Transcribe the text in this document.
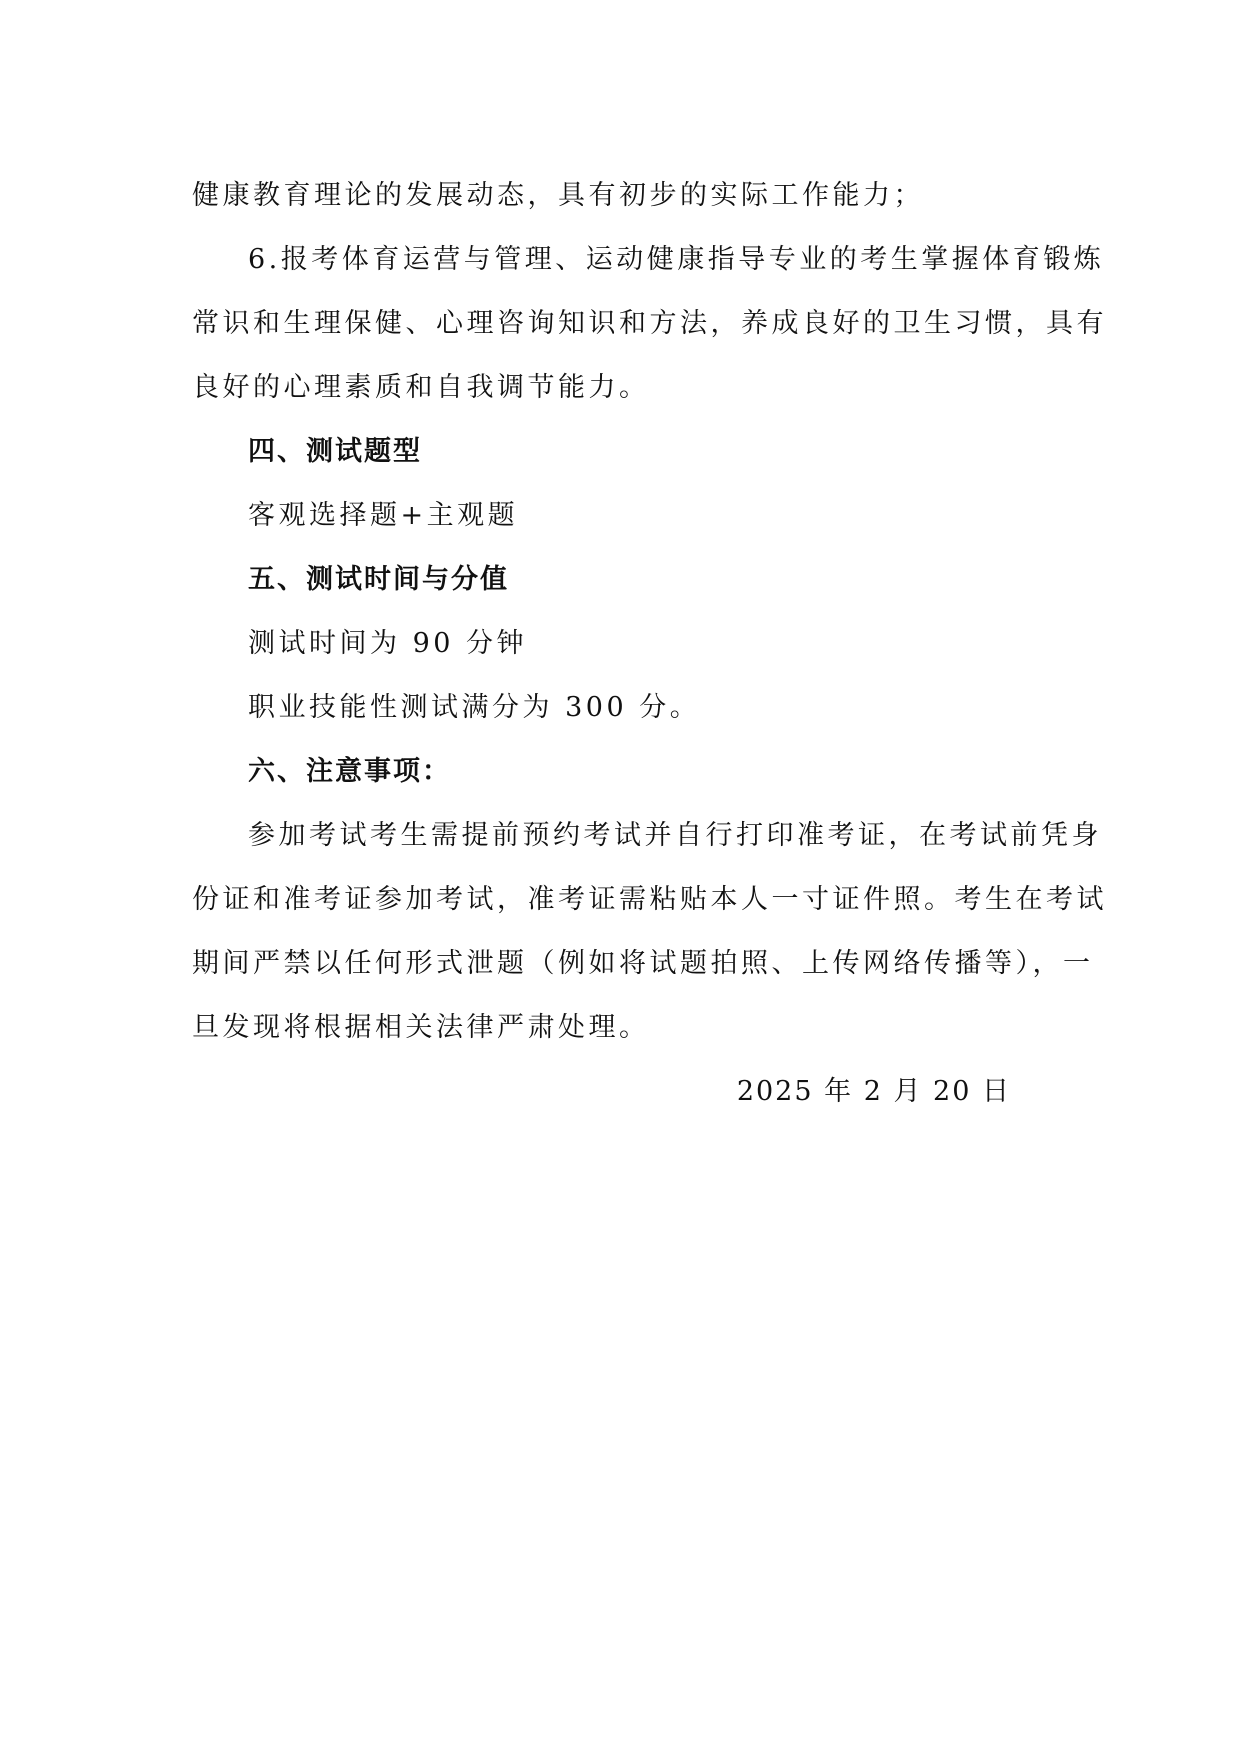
健康教育理论的发展动态，具有初步的实际工作能力；
6.报考体育运营与管理、运动健康指导专业的考生掌握体育锻炼
常识和生理保健、心理咨询知识和方法，养成良好的卫生习惯，具有
良好的心理素质和自我调节能力。
四、测试题型
客观选择题+主观题
五、测试时间与分值
测试时间为 90 分钟
职业技能性测试满分为 300 分。
六、注意事项：
参加考试考生需提前预约考试并自行打印准考证，在考试前凭身
份证和准考证参加考试，准考证需粘贴本人一寸证件照。考生在考试
期间严禁以任何形式泄题（例如将试题拍照、上传网络传播等），一
旦发现将根据相关法律严肃处理。
2025 年 2 月 20 日
